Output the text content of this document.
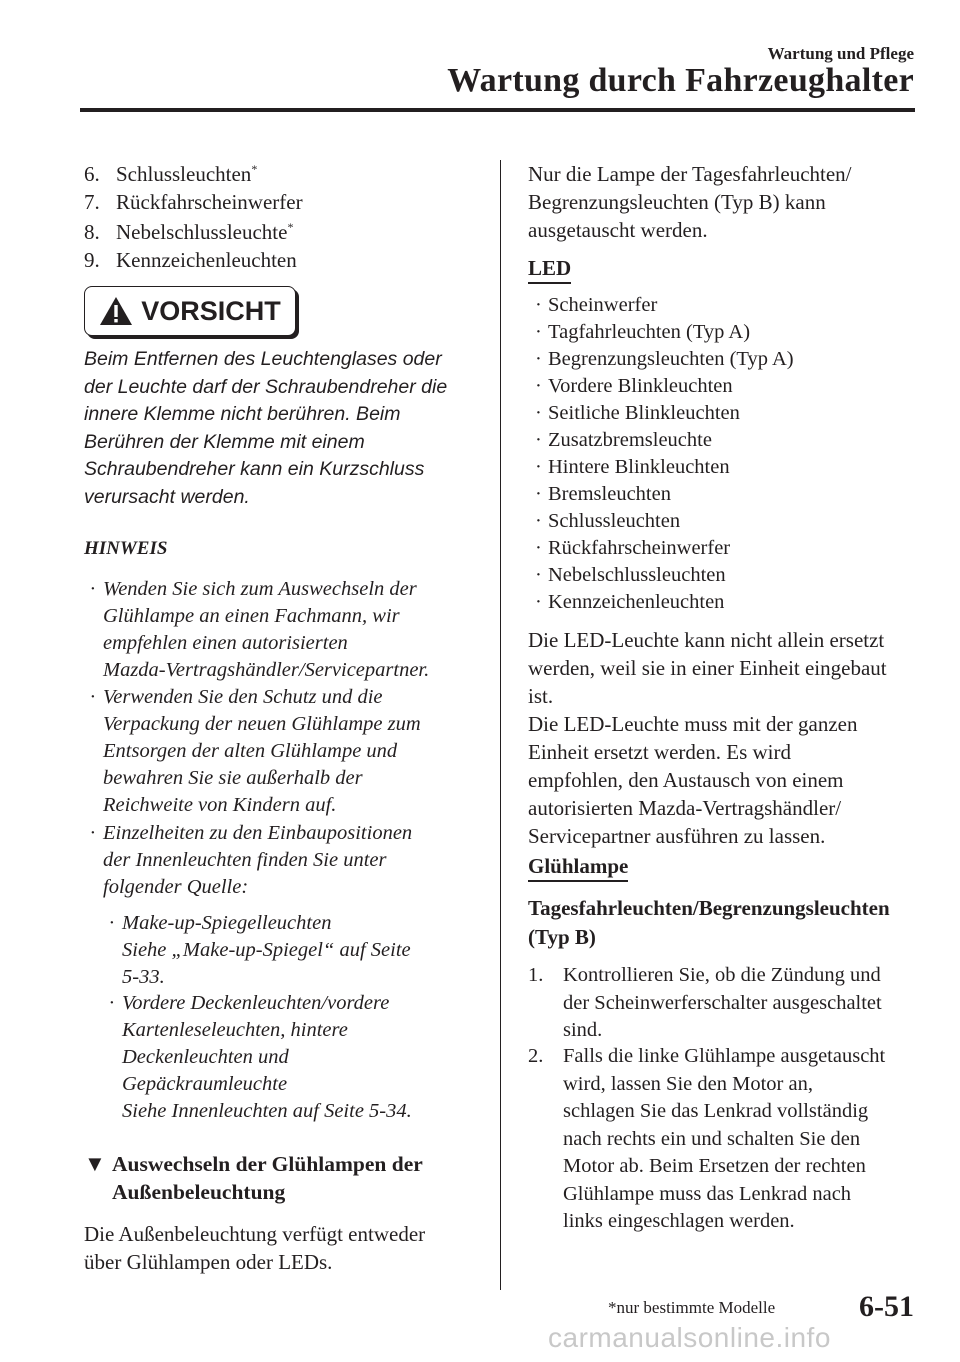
Wartung und Pflege
Wartung durch Fahrzeughalter
6. Schlussleuchten*
7. Rückfahrscheinwerfer
8. Nebelschlussleuchte*
9. Kennzeichenleuchten
VORSICHT
Beim Entfernen des Leuchtenglases oder
der Leuchte darf der Schraubendreher die
innere Klemme nicht berühren. Beim
Berühren der Klemme mit einem
Schraubendreher kann ein Kurzschluss
verursacht werden.
HINWEIS
· Wenden Sie sich zum Auswechseln der
Glühlampe an einen Fachmann, wir
empfehlen einen autorisierten
Mazda-Vertragshändler/Servicepartner.
· Verwenden Sie den Schutz und die
Verpackung der neuen Glühlampe zum
Entsorgen der alten Glühlampe und
bewahren Sie sie außerhalb der
Reichweite von Kindern auf.
· Einzelheiten zu den Einbaupositionen
der Innenleuchten finden Sie unter
folgender Quelle:
· Make-up-Spiegelleuchten
Siehe „Make-up-Spiegel“ auf Seite
5-33.
· Vordere Deckenleuchten/vordere
Kartenleseleuchten, hintere
Deckenleuchten und
Gepäckraumleuchte
Siehe Innenleuchten auf Seite 5-34.
▼ Auswechseln der Glühlampen der
Außenbeleuchtung
Die Außenbeleuchtung verfügt entweder
über Glühlampen oder LEDs.
Nur die Lampe der Tagesfahrleuchten/
Begrenzungsleuchten (Typ B) kann
ausgetauscht werden.
LED
· Scheinwerfer
· Tagfahrleuchten (Typ A)
· Begrenzungsleuchten (Typ A)
· Vordere Blinkleuchten
· Seitliche Blinkleuchten
· Zusatzbremsleuchte
· Hintere Blinkleuchten
· Bremsleuchten
· Schlussleuchten
· Rückfahrscheinwerfer
· Nebelschlussleuchten
· Kennzeichenleuchten
Die LED-Leuchte kann nicht allein ersetzt
werden, weil sie in einer Einheit eingebaut
ist.
Die LED-Leuchte muss mit der ganzen
Einheit ersetzt werden. Es wird
empfohlen, den Austausch von einem
autorisierten Mazda-Vertragshändler/
Servicepartner ausführen zu lassen.
Glühlampe
Tagesfahrleuchten/Begrenzungsleuchten
(Typ B)
1. Kontrollieren Sie, ob die Zündung und
der Scheinwerferschalter ausgeschaltet
sind.
2. Falls die linke Glühlampe ausgetauscht
wird, lassen Sie den Motor an,
schlagen Sie das Lenkrad vollständig
nach rechts ein und schalten Sie den
Motor ab. Beim Ersetzen der rechten
Glühlampe muss das Lenkrad nach
links eingeschlagen werden.
*nur bestimmte Modelle	6-51
carmanualsonline.info
